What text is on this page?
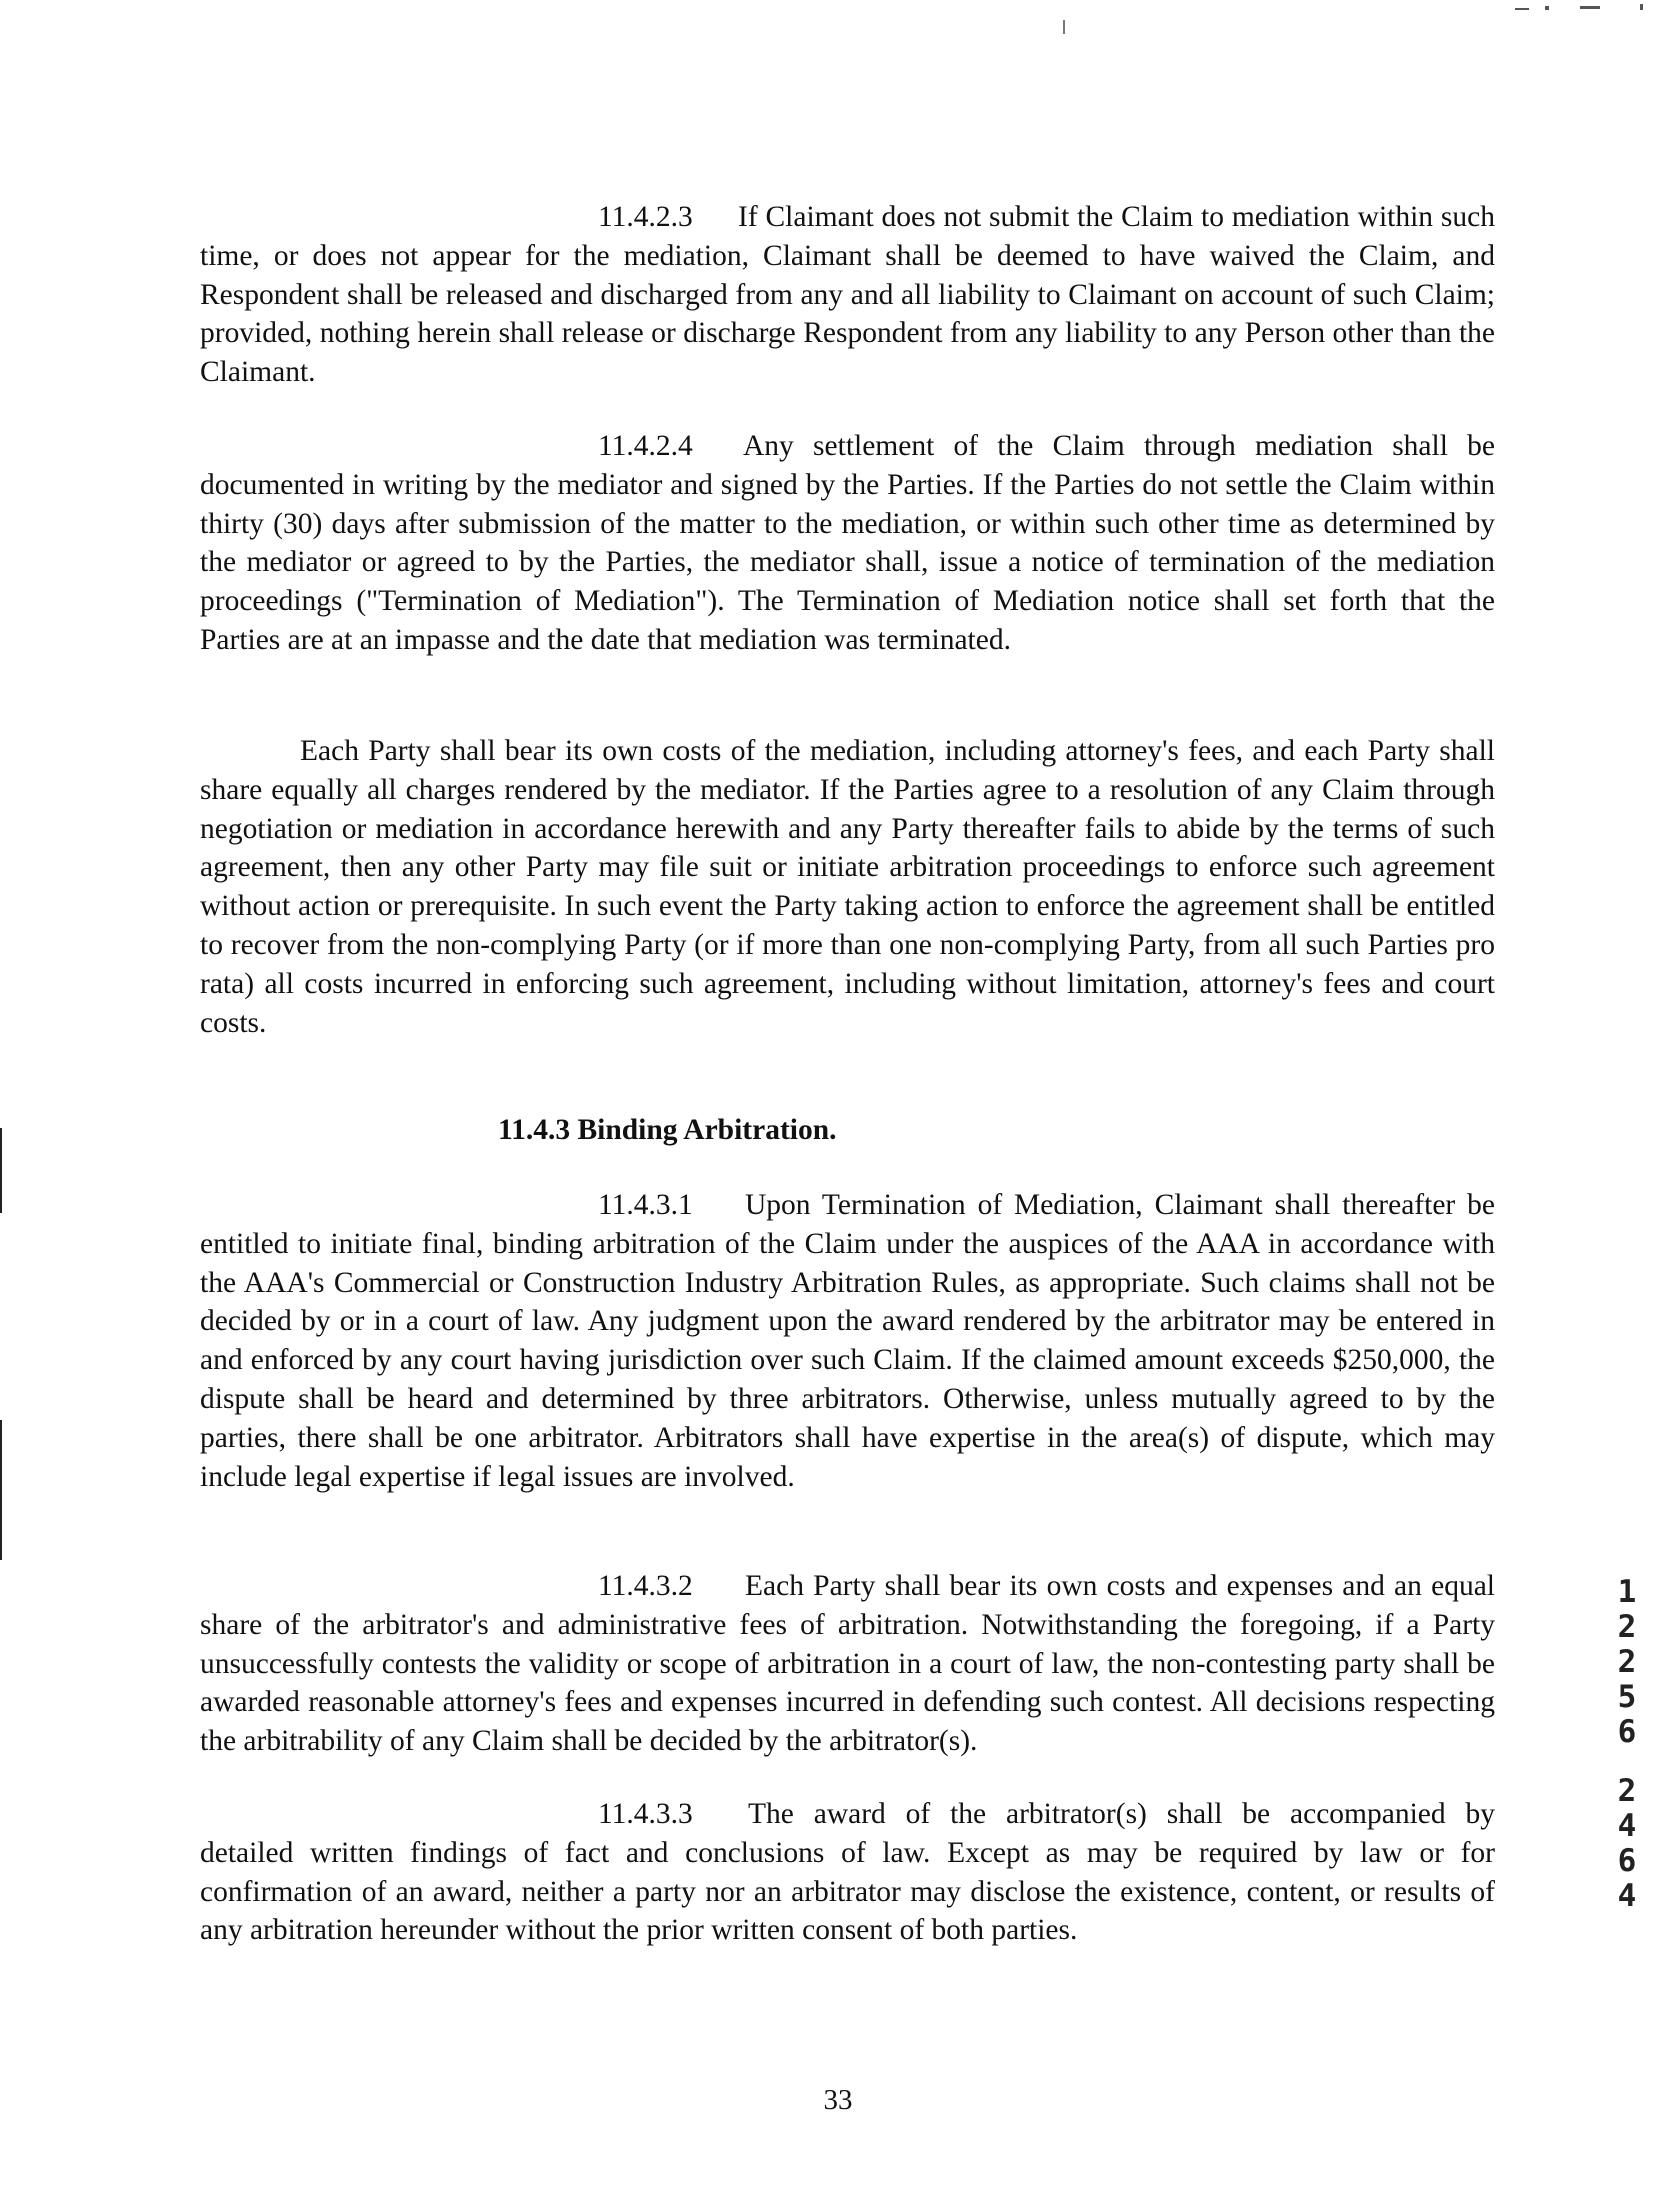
11.4.2.3 If Claimant does not submit the Claim to mediation within such time, or does not appear for the mediation, Claimant shall be deemed to have waived the Claim, and Respondent shall be released and discharged from any and all liability to Claimant on account of such Claim; provided, nothing herein shall release or discharge Respondent from any liability to any Person other than the Claimant.
11.4.2.4 Any settlement of the Claim through mediation shall be documented in writing by the mediator and signed by the Parties. If the Parties do not settle the Claim within thirty (30) days after submission of the matter to the mediation, or within such other time as determined by the mediator or agreed to by the Parties, the mediator shall, issue a notice of termination of the mediation proceedings ("Termination of Mediation"). The Termination of Mediation notice shall set forth that the Parties are at an impasse and the date that mediation was terminated.
Each Party shall bear its own costs of the mediation, including attorney's fees, and each Party shall share equally all charges rendered by the mediator. If the Parties agree to a resolution of any Claim through negotiation or mediation in accordance herewith and any Party thereafter fails to abide by the terms of such agreement, then any other Party may file suit or initiate arbitration proceedings to enforce such agreement without action or prerequisite. In such event the Party taking action to enforce the agreement shall be entitled to recover from the non-complying Party (or if more than one non-complying Party, from all such Parties pro rata) all costs incurred in enforcing such agreement, including without limitation, attorney's fees and court costs.
11.4.3 Binding Arbitration.
11.4.3.1 Upon Termination of Mediation, Claimant shall thereafter be entitled to initiate final, binding arbitration of the Claim under the auspices of the AAA in accordance with the AAA's Commercial or Construction Industry Arbitration Rules, as appropriate. Such claims shall not be decided by or in a court of law. Any judgment upon the award rendered by the arbitrator may be entered in and enforced by any court having jurisdiction over such Claim. If the claimed amount exceeds $250,000, the dispute shall be heard and determined by three arbitrators. Otherwise, unless mutually agreed to by the parties, there shall be one arbitrator. Arbitrators shall have expertise in the area(s) of dispute, which may include legal expertise if legal issues are involved.
11.4.3.2 Each Party shall bear its own costs and expenses and an equal share of the arbitrator's and administrative fees of arbitration. Notwithstanding the foregoing, if a Party unsuccessfully contests the validity or scope of arbitration in a court of law, the non-contesting party shall be awarded reasonable attorney's fees and expenses incurred in defending such contest. All decisions respecting the arbitrability of any Claim shall be decided by the arbitrator(s).
11.4.3.3 The award of the arbitrator(s) shall be accompanied by detailed written findings of fact and conclusions of law. Except as may be required by law or for confirmation of an award, neither a party nor an arbitrator may disclose the existence, content, or results of any arbitration hereunder without the prior written consent of both parties.
33
1
2
2
5
6
2
4
6
4
